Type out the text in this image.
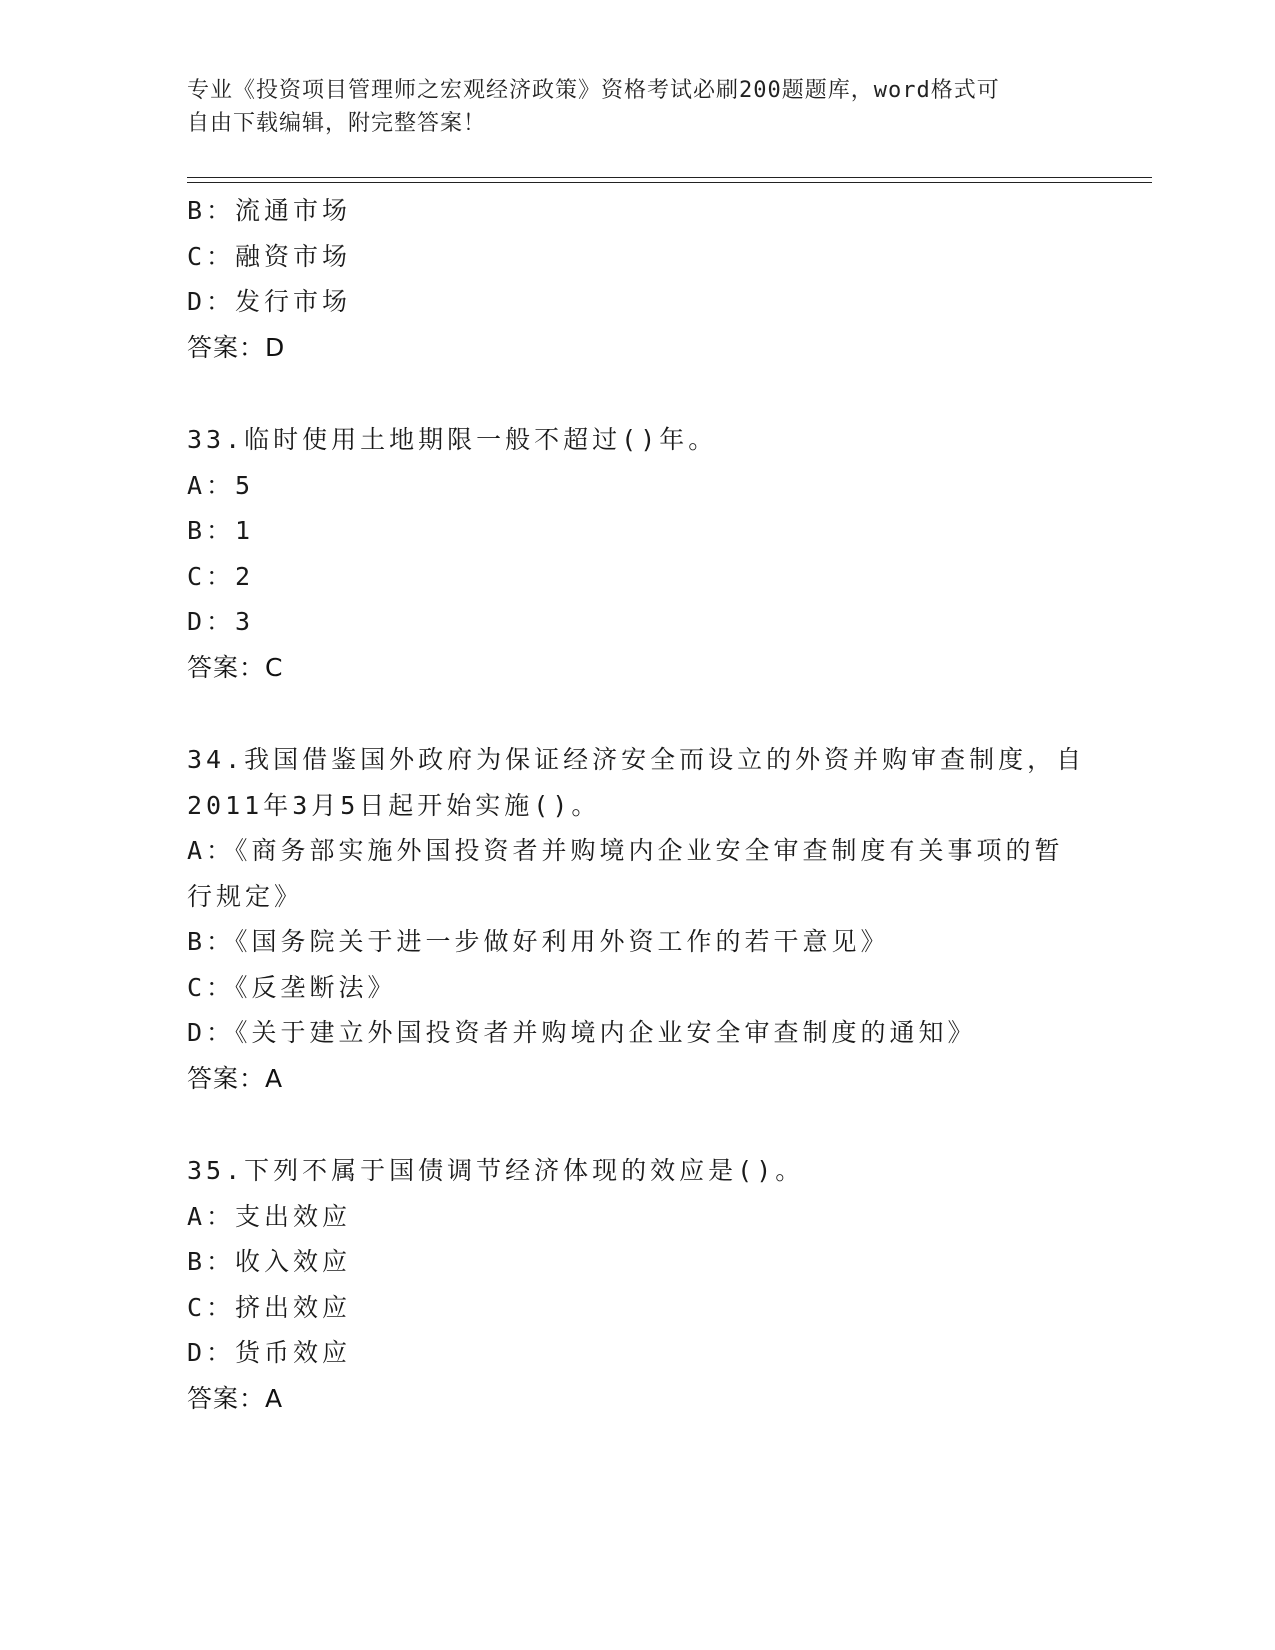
专业《投资项目管理师之宏观经济政策》资格考试必刷200题题库，word格式可
自由下载编辑，附完整答案！

B：流通市场

C：融资市场

D：发行市场

答案：D

33.临时使用土地期限一般不超过()年。

A：5

B：1

C：2

D：3

答案：C

34.我国借鉴国外政府为保证经济安全而设立的外资并购审查制度，自

2011年3月5日起开始实施()。

A：《商务部实施外国投资者并购境内企业安全审查制度有关事项的暂

行规定》

B：《国务院关于进一步做好利用外资工作的若干意见》

C：《反垄断法》

D：《关于建立外国投资者并购境内企业安全审查制度的通知》

答案：A

35.下列不属于国债调节经济体现的效应是()。

A：支出效应

B：收入效应

C：挤出效应

D：货币效应

答案：A
